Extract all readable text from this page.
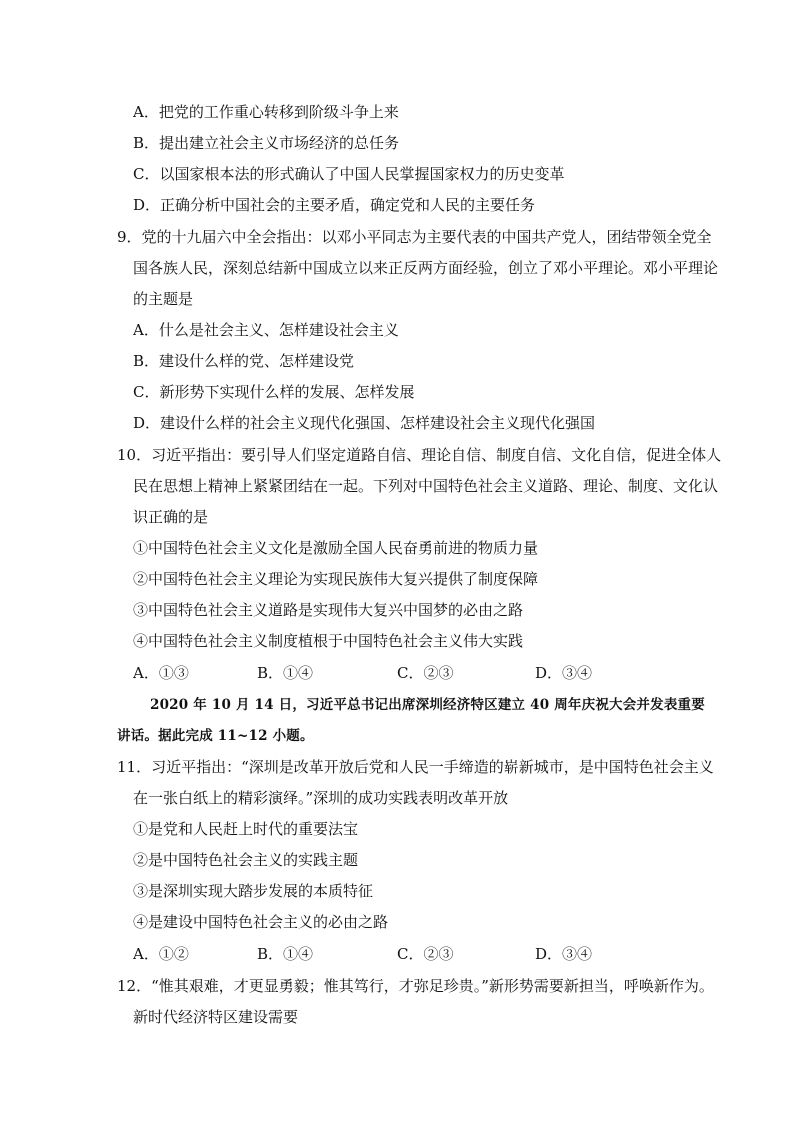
A．把党的工作重心转移到阶级斗争上来
B．提出建立社会主义市场经济的总任务
C．以国家根本法的形式确认了中国人民掌握国家权力的历史变革
D．正确分析中国社会的主要矛盾，确定党和人民的主要任务
9．党的十九届六中全会指出：以邓小平同志为主要代表的中国共产党人，团结带领全党全
国各族人民，深刻总结新中国成立以来正反两方面经验，创立了邓小平理论。邓小平理论
的主题是
A．什么是社会主义、怎样建设社会主义
B．建设什么样的党、怎样建设党
C．新形势下实现什么样的发展、怎样发展
D．建设什么样的社会主义现代化强国、怎样建设社会主义现代化强国
10．习近平指出：要引导人们坚定道路自信、理论自信、制度自信、文化自信，促进全体人
民在思想上精神上紧紧团结在一起。下列对中国特色社会主义道路、理论、制度、文化认
识正确的是
①中国特色社会主义文化是激励全国人民奋勇前进的物质力量
②中国特色社会主义理论为实现民族伟大复兴提供了制度保障
③中国特色社会主义道路是实现伟大复兴中国梦的必由之路
④中国特色社会主义制度植根于中国特色社会主义伟大实践
A．①③	B．①④	C．②③	D．③④
2020 年 10 月 14 日，习近平总书记出席深圳经济特区建立 40 周年庆祝大会并发表重要
讲话。据此完成 11~12 小题。
11．习近平指出：“深圳是改革开放后党和人民一手缔造的崭新城市，是中国特色社会主义
在一张白纸上的精彩演绎。”深圳的成功实践表明改革开放
①是党和人民赶上时代的重要法宝
②是中国特色社会主义的实践主题
③是深圳实现大踏步发展的本质特征
④是建设中国特色社会主义的必由之路
A．①②	B．①④	C．②③	D．③④
12．“惟其艰难，才更显勇毅；惟其笃行，才弥足珍贵。”新形势需要新担当，呼唤新作为。
新时代经济特区建设需要
